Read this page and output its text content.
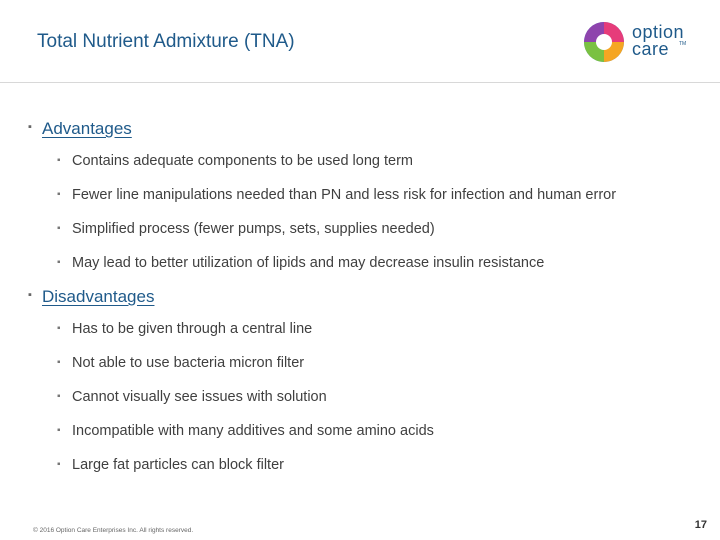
Total Nutrient Admixture (TNA)	option
care	TM
▪ Advantages
▪ Contains adequate components to be used long term
▪ Fewer line manipulations needed than PN and less risk for infection and human error
▪ Simplified process (fewer pumps, sets, supplies needed)
▪ May lead to better utilization of lipids and may decrease insulin resistance
▪ Disadvantages
▪ Has to be given through a central line
▪ Not able to use bacteria micron filter
▪ Cannot visually see issues with solution
▪ Incompatible with many additives and some amino acids
▪ Large fat particles can block filter
© 2016 Option Care Enterprises Inc. All rights reserved.	17
